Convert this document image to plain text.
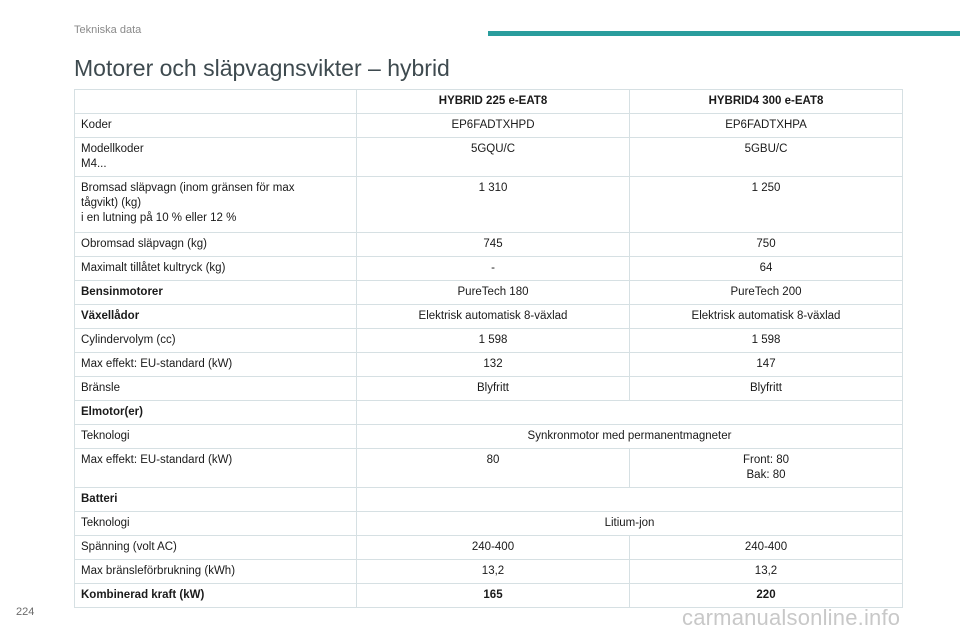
Tekniska data
Motorer och släpvagnsvikter – hybrid
	HYBRID 225 e-EAT8	HYBRID4 300 e-EAT8
Koder	EP6FADTXHPD	EP6FADTXHPA
Modellkoder
M4...	5GQU/C	5GBU/C
Bromsad släpvagn (inom gränsen för max
tågvikt) (kg)
i en lutning på 10 % eller 12 %	1 310	1 250
Obromsad släpvagn (kg)	745	750
Maximalt tillåtet kultryck (kg)	-	64
Bensinmotorer	PureTech 180	PureTech 200
Växellådor	Elektrisk automatisk 8-växlad	Elektrisk automatisk 8-växlad
Cylindervolym (cc)	1 598	1 598
Max effekt: EU-standard (kW)	132	147
Bränsle	Blyfritt	Blyfritt
Elmotor(er)		
Teknologi	Synkronmotor med permanentmagneter	
Max effekt: EU-standard (kW)	80	Front: 80
Bak: 80
Batteri		
Teknologi	Litium-jon	
Spänning (volt AC)	240-400	240-400
Max bränsleförbrukning (kWh)	13,2	13,2
Kombinerad kraft (kW)	165	220
224	carmanualsonline.info
